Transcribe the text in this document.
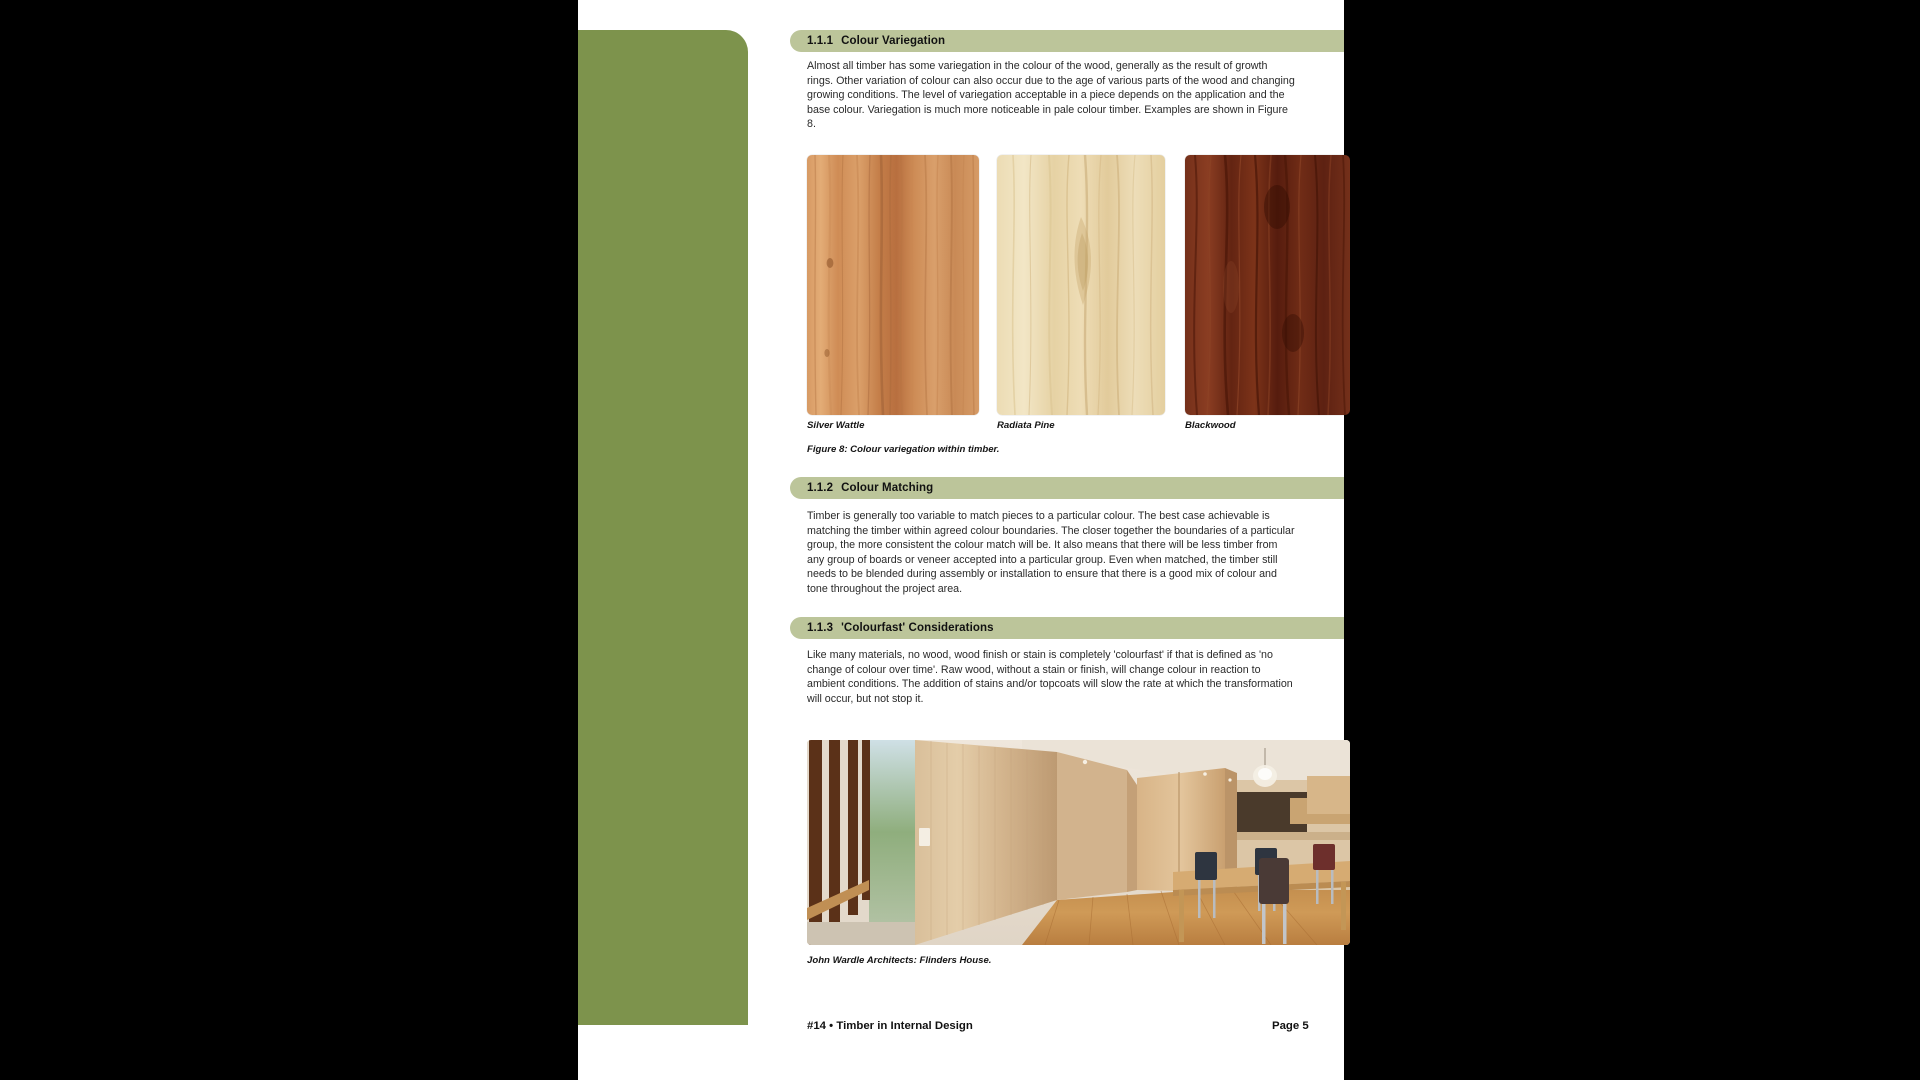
1.1.1 Colour Variegation

Almost all timber has some variegation in the colour of the wood, generally as the result of growth rings. Other variation of colour can also occur due to the age of various parts of the wood and changing growing conditions. The level of variegation acceptable in a piece depends on the application and the base colour. Variegation is much more noticeable in pale colour timber. Examples are shown in Figure 8.

Silver Wattle	Radiata Pine	Blackwood
Figure 8: Colour variegation within timber.
1.1.2 Colour Matching

Timber is generally too variable to match pieces to a particular colour. The best case achievable is matching the timber within agreed colour boundaries. The closer together the boundaries of a particular group, the more consistent the colour match will be. It also means that there will be less timber from any group of boards or veneer accepted into a particular group. Even when matched, the timber still needs to be blended during assembly or installation to ensure that there is a good mix of colour and tone throughout the project area.

1.1.3 'Colourfast' Considerations

Like many materials, no wood, wood finish or stain is completely 'colourfast' if that is defined as 'no change of colour over time'. Raw wood, without a stain or finish, will change colour in reaction to ambient conditions. The addition of stains and/or topcoats will slow the rate at which the transformation will occur, but not stop it.

John Wardle Architects: Flinders House.
#14 • Timber in Internal Design	Page 5
